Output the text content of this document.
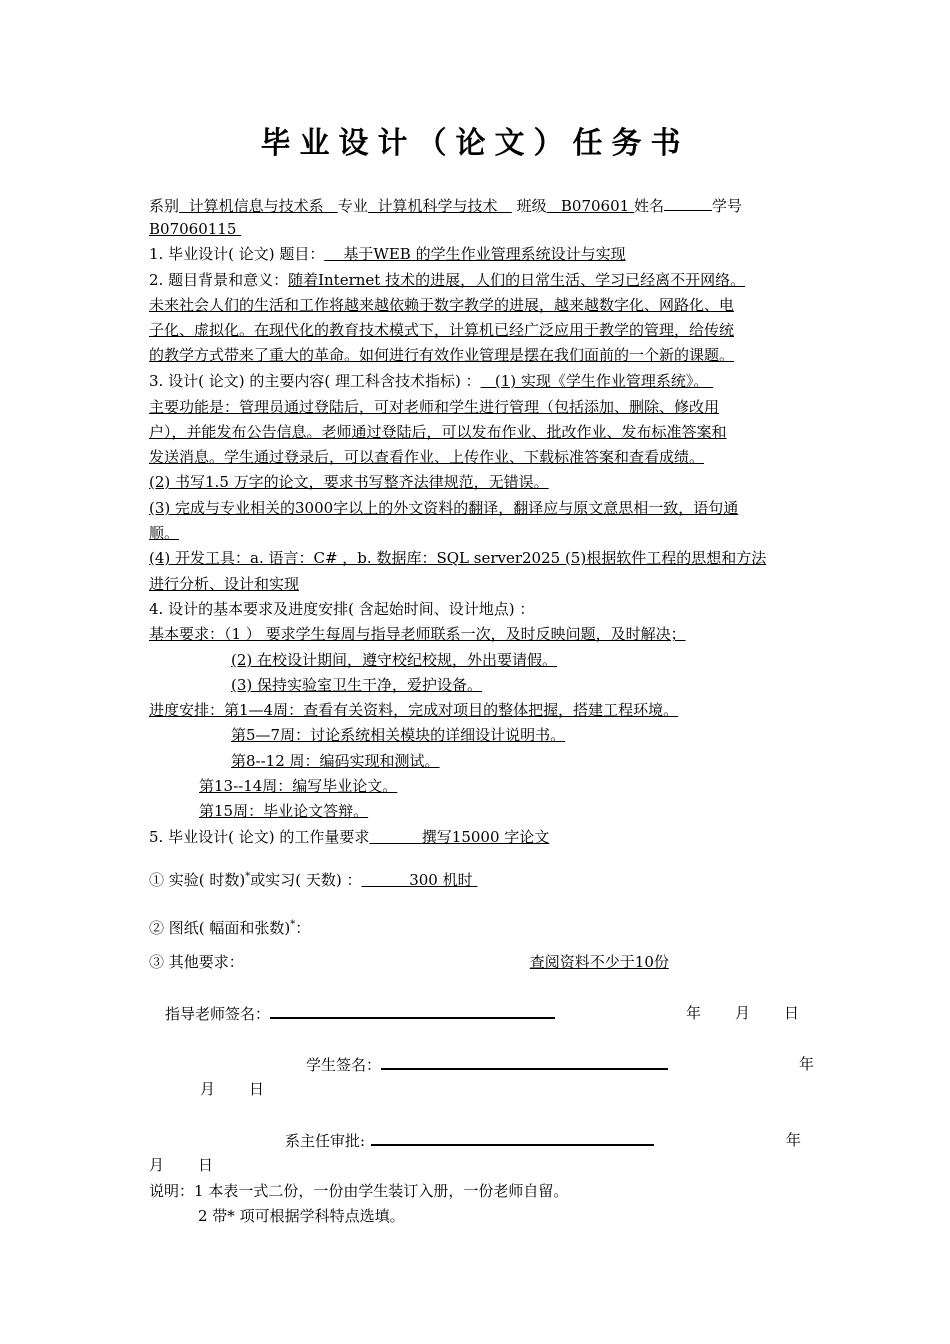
毕业设计（论文）任务书
系别 计算机信息与技术系 专业 计算机科学与技术 班级 B070601 姓名	学号
B07060115
1. 毕业设计( 论文) 题目： 基于WEB 的学生作业管理系统设计与实现
2. 题目背景和意义：随着Internet 技术的进展，人们的日常生活、学习已经离不开网络。
未来社会人们的生活和工作将越来越依赖于数字教学的进展，越来越数字化、网路化、电
子化、虚拟化。在现代化的教育技术模式下，计算机已经广泛应用于教学的管理，给传统
的教学方式带来了重大的革命。如何进行有效作业管理是摆在我们面前的一个新的课题。
3. 设计( 论文) 的主要内容( 理工科含技术指标) ： (1) 实现《学生作业管理系统》。
主要功能是：管理员通过登陆后，可对老师和学生进行管理（包括添加、删除、修改用
户），并能发布公告信息。老师通过登陆后，可以发布作业、批改作业、发布标准答案和
发送消息。学生通过登录后，可以查看作业、上传作业、下载标准答案和查看成绩。
(2) 书写1.5 万字的论文，要求书写整齐法律规范，无错误。
(3) 完成与专业相关的3000字以上的外文资料的翻译，翻译应与原文意思相一致，语句通
顺。
(4) 开发工具：a. 语言：C# ，b. 数据库：SQL server2025 (5)根据软件工程的思想和方法
进行分析、设计和实现
4. 设计的基本要求及进度安排( 含起始时间、设计地点) ：
基本要求：（1 ） 要求学生每周与指导老师联系一次，及时反映问题，及时解决；
(2) 在校设计期间，遵守校纪校规，外出要请假。
(3) 保持实验室卫生干净，爱护设备。
进度安排：第1—4周：查看有关资料，完成对项目的整体把握，搭建工程环境。
第5—7周：讨论系统相关模块的详细设计说明书。
第8--12 周：编码实现和测试。
第13--14周：编写毕业论文。
第15周：毕业论文答辩。
5. 毕业设计( 论文) 的工作量要求	撰写15000 字论文
① 实验( 时数)*或实习( 天数) ：	300 机时
② 图纸( 幅面和张数)*：
③ 其他要求：	查阅资料不少于10份
指导老师签名：	年 月 日
学生签名：	年
月 日
系主任审批:	年
月 日
说明：1 本表一式二份，一份由学生装订入册，一份老师自留。
2 带* 项可根据学科特点选填。
